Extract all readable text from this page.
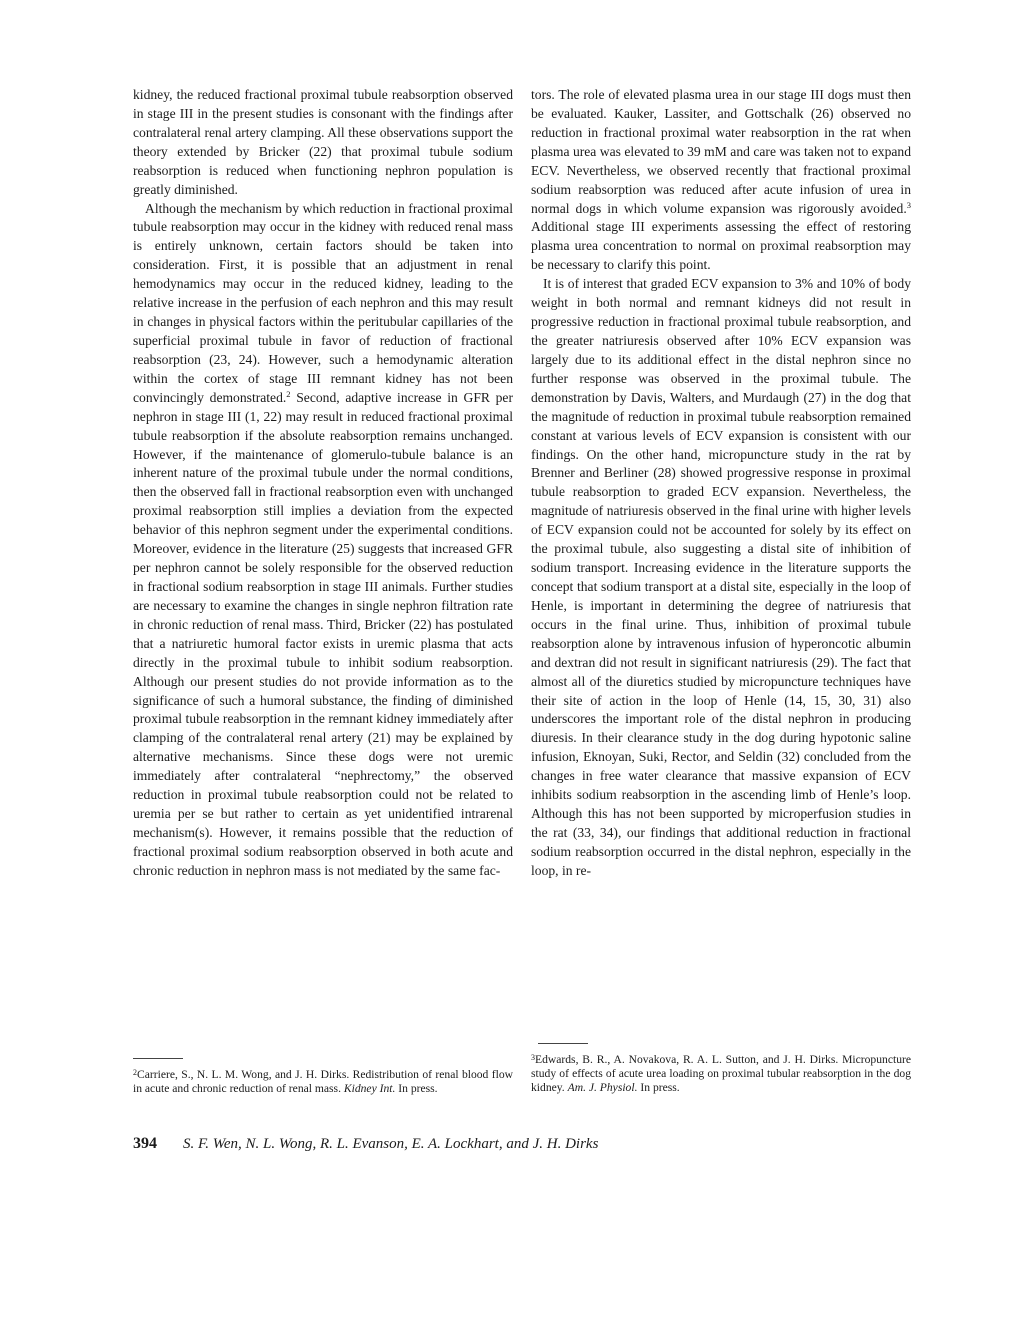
kidney, the reduced fractional proximal tubule reabsorption observed in stage III in the present studies is consonant with the findings after contralateral renal artery clamping. All these observations support the theory extended by Bricker (22) that proximal tubule sodium reabsorption is reduced when functioning nephron population is greatly diminished.

Although the mechanism by which reduction in fractional proximal tubule reabsorption may occur in the kidney with reduced renal mass is entirely unknown, certain factors should be taken into consideration. First, it is possible that an adjustment in renal hemodynamics may occur in the reduced kidney, leading to the relative increase in the perfusion of each nephron and this may result in changes in physical factors within the peritubular capillaries of the superficial proximal tubule in favor of reduction of fractional reabsorption (23, 24). However, such a hemodynamic alteration within the cortex of stage III remnant kidney has not been convincingly demonstrated.$^2$ Second, adaptive increase in GFR per nephron in stage III (1, 22) may result in reduced fractional proximal tubule reabsorption if the absolute reabsorption remains unchanged. However, if the maintenance of glomerulo-tubule balance is an inherent nature of the proximal tubule under the normal conditions, then the observed fall in fractional reabsorption even with unchanged proximal reabsorption still implies a deviation from the expected behavior of this nephron segment under the experimental conditions. Moreover, evidence in the literature (25) suggests that increased GFR per nephron cannot be solely responsible for the observed reduction in fractional sodium reabsorption in stage III animals. Further studies are necessary to examine the changes in single nephron filtration rate in chronic reduction of renal mass. Third, Bricker (22) has postulated that a natriuretic humoral factor exists in uremic plasma that acts directly in the proximal tubule to inhibit sodium reabsorption. Although our present studies do not provide information as to the significance of such a humoral substance, the finding of diminished proximal tubule reabsorption in the remnant kidney immediately after clamping of the contralateral renal artery (21) may be explained by alternative mechanisms. Since these dogs were not uremic immediately after contralateral “nephrectomy,” the observed reduction in proximal tubule reabsorption could not be related to uremia per se but rather to certain as yet unidentified intrarenal mechanism(s). However, it remains possible that the reduction of fractional proximal sodium reabsorption observed in both acute and chronic reduction in nephron mass is not mediated by the same fac-

$^2$Carriere, S., N. L. M. Wong, and J. H. Dirks. Redistribution of renal blood flow in acute and chronic reduction of renal mass. Kidney Int. In press.

tors. The role of elevated plasma urea in our stage III dogs must then be evaluated. Kauker, Lassiter, and Gottschalk (26) observed no reduction in fractional proximal water reabsorption in the rat when plasma urea was elevated to 39 mM and care was taken not to expand ECV. Nevertheless, we observed recently that fractional proximal sodium reabsorption was reduced after acute infusion of urea in normal dogs in which volume expansion was rigorously avoided.$^3$ Additional stage III experiments assessing the effect of restoring plasma urea concentration to normal on proximal reabsorption may be necessary to clarify this point.

It is of interest that graded ECV expansion to 3% and 10% of body weight in both normal and remnant kidneys did not result in progressive reduction in fractional proximal tubule reabsorption, and the greater natriuresis observed after 10% ECV expansion was largely due to its additional effect in the distal nephron since no further response was observed in the proximal tubule. The demonstration by Davis, Walters, and Murdaugh (27) in the dog that the magnitude of reduction in proximal tubule reabsorption remained constant at various levels of ECV expansion is consistent with our findings. On the other hand, micropuncture study in the rat by Brenner and Berliner (28) showed progressive response in proximal tubule reabsorption to graded ECV expansion. Nevertheless, the magnitude of natriuresis observed in the final urine with higher levels of ECV expansion could not be accounted for solely by its effect on the proximal tubule, also suggesting a distal site of inhibition of sodium transport. Increasing evidence in the literature supports the concept that sodium transport at a distal site, especially in the loop of Henle, is important in determining the degree of natriuresis that occurs in the final urine. Thus, inhibition of proximal tubule reabsorption alone by intravenous infusion of hyperoncotic albumin and dextran did not result in significant natriuresis (29). The fact that almost all of the diuretics studied by micropuncture techniques have their site of action in the loop of Henle (14, 15, 30, 31) also underscores the important role of the distal nephron in producing diuresis. In their clearance study in the dog during hypotonic saline infusion, Eknoyan, Suki, Rector, and Seldin (32) concluded from the changes in free water clearance that massive expansion of ECV inhibits sodium reabsorption in the ascending limb of Henle’s loop. Although this has not been supported by microperfusion studies in the rat (33, 34), our findings that additional reduction in fractional sodium reabsorption occurred in the distal nephron, especially in the loop, in re-

$^3$Edwards, B. R., A. Novakova, R. A. L. Sutton, and J. H. Dirks. Micropuncture study of effects of acute urea loading on proximal tubular reabsorption in the dog kidney. Am. J. Physiol. In press.

394 S. F. Wen, N. L. Wong, R. L. Evanson, E. A. Lockhart, and J. H. Dirks
